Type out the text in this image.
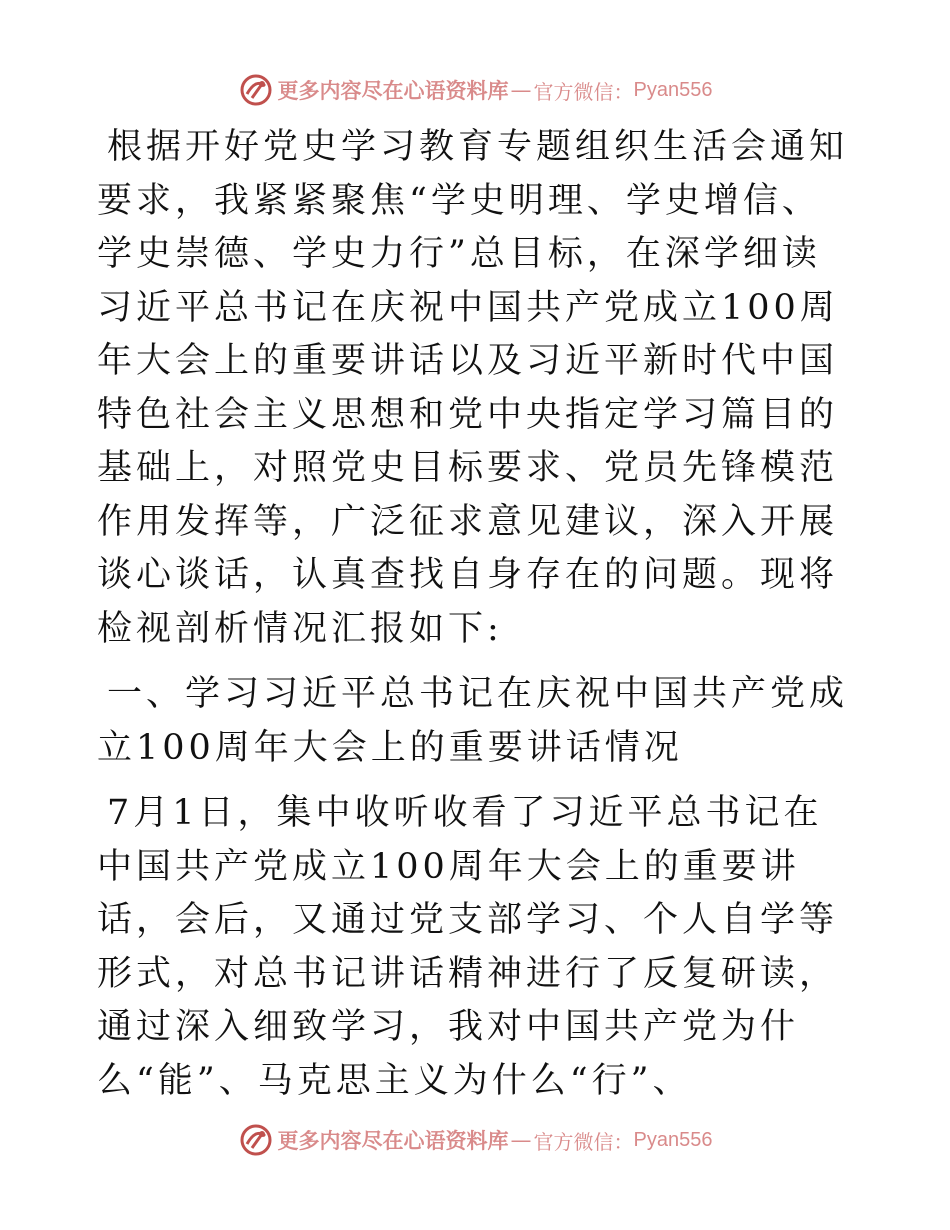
更多内容尽在心语资料库 — 官方微信： Pyan556

根据开好党史学习教育专题组织生活会通知要求，我紧紧聚焦“学史明理、学史增信、学史崇德、学史力行”总目标，在深学细读习近平总书记在庆祝中国共产党成立100周年大会上的重要讲话以及习近平新时代中国特色社会主义思想和党中央指定学习篇目的基础上，对照党史目标要求、党员先锋模范作用发挥等，广泛征求意见建议，深入开展谈心谈话，认真查找自身存在的问题。现将检视剖析情况汇报如下:

一、学习习近平总书记在庆祝中国共产党成立100周年大会上的重要讲话情况

7月1日，集中收听收看了习近平总书记在中国共产党成立100周年大会上的重要讲话，会后，又通过党支部学习、个人自学等形式，对总书记讲话精神进行了反复研读，通过深入细致学习，我对中国共产党为什么“能”、马克思主义为什么“行”、

更多内容尽在心语资料库 — 官方微信： Pyan556
